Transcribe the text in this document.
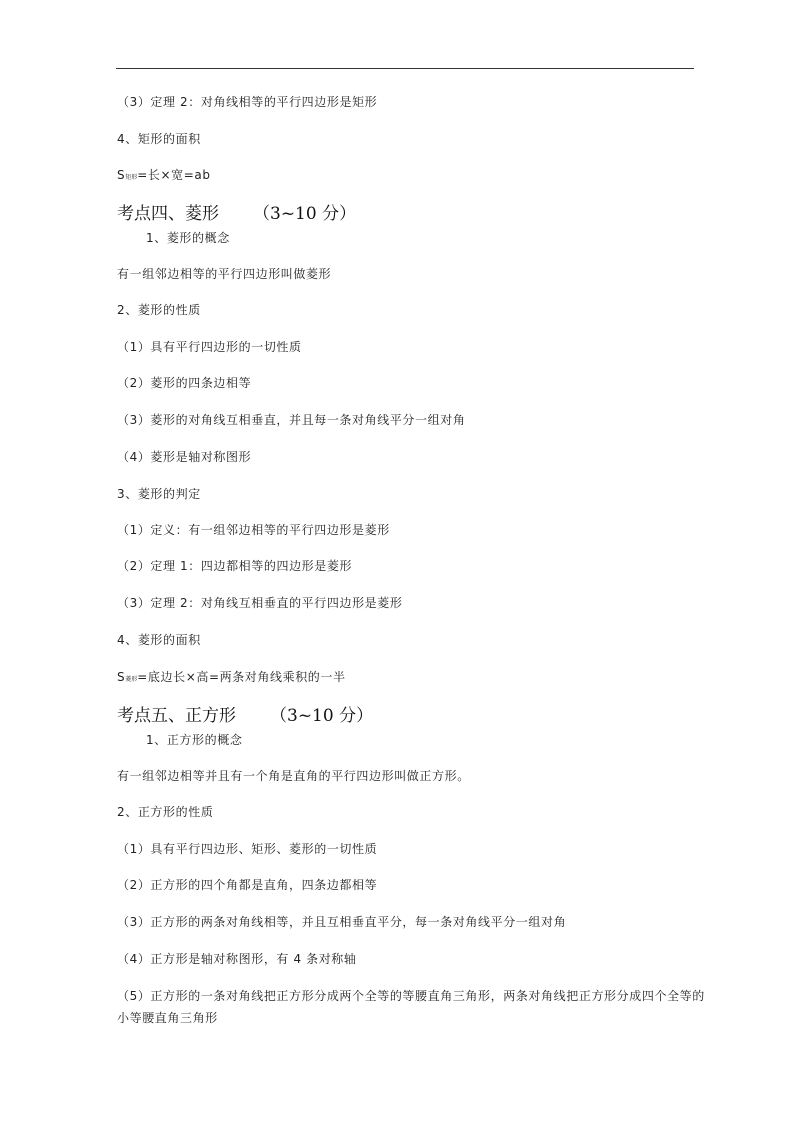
（3）定理 2：对角线相等的平行四边形是矩形
4、矩形的面积
S矩形=长×宽=ab
考点四、菱形 （3~10 分）
1、菱形的概念
有一组邻边相等的平行四边形叫做菱形
2、菱形的性质
（1）具有平行四边形的一切性质
（2）菱形的四条边相等
（3）菱形的对角线互相垂直，并且每一条对角线平分一组对角
（4）菱形是轴对称图形
3、菱形的判定
（1）定义：有一组邻边相等的平行四边形是菱形
（2）定理 1：四边都相等的四边形是菱形
（3）定理 2：对角线互相垂直的平行四边形是菱形
4、菱形的面积
S菱形=底边长×高=两条对角线乘积的一半
考点五、正方形 （3~10 分）
1、正方形的概念
有一组邻边相等并且有一个角是直角的平行四边形叫做正方形。
2、正方形的性质
（1）具有平行四边形、矩形、菱形的一切性质
（2）正方形的四个角都是直角，四条边都相等
（3）正方形的两条对角线相等，并且互相垂直平分，每一条对角线平分一组对角
（4）正方形是轴对称图形，有 4 条对称轴
（5）正方形的一条对角线把正方形分成两个全等的等腰直角三角形，两条对角线把正方形分成四个全等的小等腰直角三角形
